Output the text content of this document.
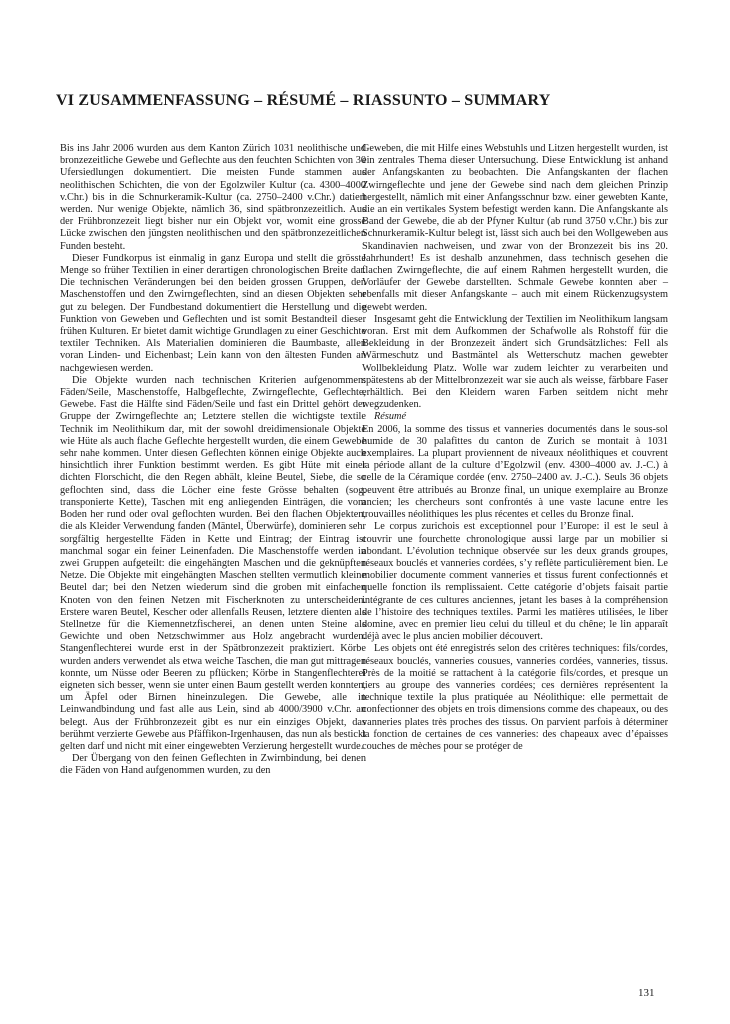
VI ZUSAMMENFASSUNG – RÉSUMÉ – RIASSUNTO – SUMMARY

Bis ins Jahr 2006 wurden aus dem Kanton Zürich 1031 neolithische und bronzezeitliche Gewebe und Geflechte aus den feuchten Schichten von 30 Ufersiedlungen dokumentiert. Die meisten Funde stammen aus neolithischen Schichten, die von der Egolzwiler Kultur (ca. 4300–4000 v.Chr.) bis in die Schnurkeramik-Kultur (ca. 2750–2400 v.Chr.) datiert werden. Nur wenige Objekte, nämlich 36, sind spätbronzezeitlich. Aus der Frühbronzezeit liegt bisher nur ein Objekt vor, womit eine grosse Lücke zwischen den jüngsten neolithischen und den spätbronzezeitlichen Funden besteht.

Dieser Fundkorpus ist einmalig in ganz Europa und stellt die grösste Menge so früher Textilien in einer derartigen chronologischen Breite dar. Die technischen Veränderungen bei den beiden grossen Gruppen, den Maschenstoffen und den Zwirngeflechten, sind an diesen Objekten sehr gut zu belegen. Der Fundbestand dokumentiert die Herstellung und die Funktion von Geweben und Geflechten und ist somit Bestandteil dieser frühen Kulturen. Er bietet damit wichtige Grundlagen zu einer Geschichte textiler Techniken. Als Materialien dominieren die Baumbaste, allen voran Linden- und Eichenbast; Lein kann von den ältesten Funden an nachgewiesen werden.

Die Objekte wurden nach technischen Kriterien aufgenommen: Fäden/Seile, Maschenstoffe, Halbgeflechte, Zwirngeflechte, Geflechte, Gewebe. Fast die Hälfte sind Fäden/Seile und fast ein Drittel gehört der Gruppe der Zwirngeflechte an; Letztere stellen die wichtigste textile Technik im Neolithikum dar, mit der sowohl dreidimensionale Objekte wie Hüte als auch flache Geflechte hergestellt wurden, die einem Gewebe sehr nahe kommen. Unter diesen Geflechten können einige Objekte auch hinsichtlich ihrer Funktion bestimmt werden. Es gibt Hüte mit einer dichten Florschicht, die den Regen abhält, kleine Beutel, Siebe, die so geflochten sind, dass die Löcher eine feste Grösse behalten (sog. transponierte Kette), Taschen mit eng anliegenden Einträgen, die vom Boden her rund oder oval geflochten wurden. Bei den flachen Objekten, die als Kleider Verwendung fanden (Mäntel, Überwürfe), dominieren sehr sorgfältig hergestellte Fäden in Kette und Eintrag; der Eintrag ist manchmal sogar ein feiner Leinenfaden. Die Maschenstoffe werden in zwei Gruppen aufgeteilt: die eingehängten Maschen und die geknüpften Netze. Die Objekte mit eingehängten Maschen stellten vermutlich kleine Beutel dar; bei den Netzen wiederum sind die groben mit einfachen Knoten von den feinen Netzen mit Fischerknoten zu unterscheiden. Erstere waren Beutel, Kescher oder allenfalls Reusen, letztere dienten als Stellnetze für die Kiemennetzfischerei, an denen unten Steine als Gewichte und oben Netzschwimmer aus Holz angebracht wurden. Stangenflechterei wurde erst in der Spätbronzezeit praktiziert. Körbe wurden anders verwendet als etwa weiche Taschen, die man gut mittragen konnte, um Nüsse oder Beeren zu pflücken; Körbe in Stangenflechterei eigneten sich besser, wenn sie unter einen Baum gestellt werden konnten, um Äpfel oder Birnen hineinzulegen. Die Gewebe, alle in Leinwandbindung und fast alle aus Lein, sind ab 4000/3900 v.Chr. an belegt. Aus der Frühbronzezeit gibt es nur ein einziges Objekt, das berühmt verzierte Gewebe aus Pfäffikon-Irgenhausen, das nun als bestickt gelten darf und nicht mit einer eingewebten Verzierung hergestellt wurde.

Der Übergang von den feinen Geflechten in Zwirnbindung, bei denen die Fäden von Hand aufgenommen wurden, zu den

Geweben, die mit Hilfe eines Webstuhls und Litzen hergestellt wurden, ist ein zentrales Thema dieser Untersuchung. Diese Entwicklung ist anhand der Anfangskanten zu beobachten. Die Anfangskanten der flachen Zwirngeflechte und jene der Gewebe sind nach dem gleichen Prinzip hergestellt, nämlich mit einer Anfangsschnur bzw. einer gewebten Kante, die an ein vertikales System befestigt werden kann. Die Anfangskante als Band der Gewebe, die ab der Pfyner Kultur (ab rund 3750 v.Chr.) bis zur Schnurkeramik-Kultur belegt ist, lässt sich auch bei den Wollgeweben aus Skandinavien nachweisen, und zwar von der Bronzezeit bis ins 20. Jahrhundert! Es ist deshalb anzunehmen, dass technisch gesehen die flachen Zwirngeflechte, die auf einem Rahmen hergestellt wurden, die Vorläufer der Gewebe darstellten. Schmale Gewebe konnten aber – ebenfalls mit dieser Anfangskante – auch mit einem Rückenzugsystem gewebt werden.

Insgesamt geht die Entwicklung der Textilien im Neolithikum langsam voran. Erst mit dem Aufkommen der Schafwolle als Rohstoff für die Bekleidung in der Bronzezeit ändert sich Grundsätzliches: Fell als Wärmeschutz und Bastmäntel als Wetterschutz machen gewebter Wollbekleidung Platz. Wolle war zudem leichter zu verarbeiten und spätestens ab der Mittelbronzezeit war sie auch als weisse, färbbare Faser erhältlich. Bei den Kleidern waren Farben seitdem nicht mehr wegzudenken.

Résumé

En 2006, la somme des tissus et vanneries documentés dans le sous-sol humide de 30 palafittes du canton de Zurich se montait à 1031 exemplaires. La plupart proviennent de niveaux néolithiques et couvrent la période allant de la culture d’Egolzwil (env. 4300–4000 av. J.-C.) à celle de la Céramique cordée (env. 2750–2400 av. J.-C.). Seuls 36 objets peuvent être attribués au Bronze final, un unique exemplaire au Bronze ancien; les chercheurs sont confrontés à une vaste lacune entre les trouvailles néolithiques les plus récentes et celles du Bronze final.

Le corpus zurichois est exceptionnel pour l’Europe: il est le seul à couvrir une fourchette chronologique aussi large par un mobilier si abondant. L’évolution technique observée sur les deux grands groupes, réseaux bouclés et vanneries cordées, s’y reflète particulièrement bien. Le mobilier documente comment vanneries et tissus furent confectionnés et quelle fonction ils remplissaient. Cette catégorie d’objets faisait partie intégrante de ces cultures anciennes, jetant les bases à la compréhension de l’histoire des techniques textiles. Parmi les matières utilisées, le liber domine, avec en premier lieu celui du tilleul et du chêne; le lin apparaît déjà avec le plus ancien mobilier découvert.

Les objets ont été enregistrés selon des critères techniques: fils/cordes, réseaux bouclés, vanneries cousues, vanneries cordées, vanneries, tissus. Près de la moitié se rattachent à la catégorie fils/cordes, et presque un tiers au groupe des vanneries cordées; ces dernières représentent la technique textile la plus pratiquée au Néolithique: elle permettait de confectionner des objets en trois dimensions comme des chapeaux, ou des vanneries plates très proches des tissus. On parvient parfois à déterminer la fonction de certaines de ces vanneries: des chapeaux avec d’épaisses couches de mèches pour se protéger de

131
